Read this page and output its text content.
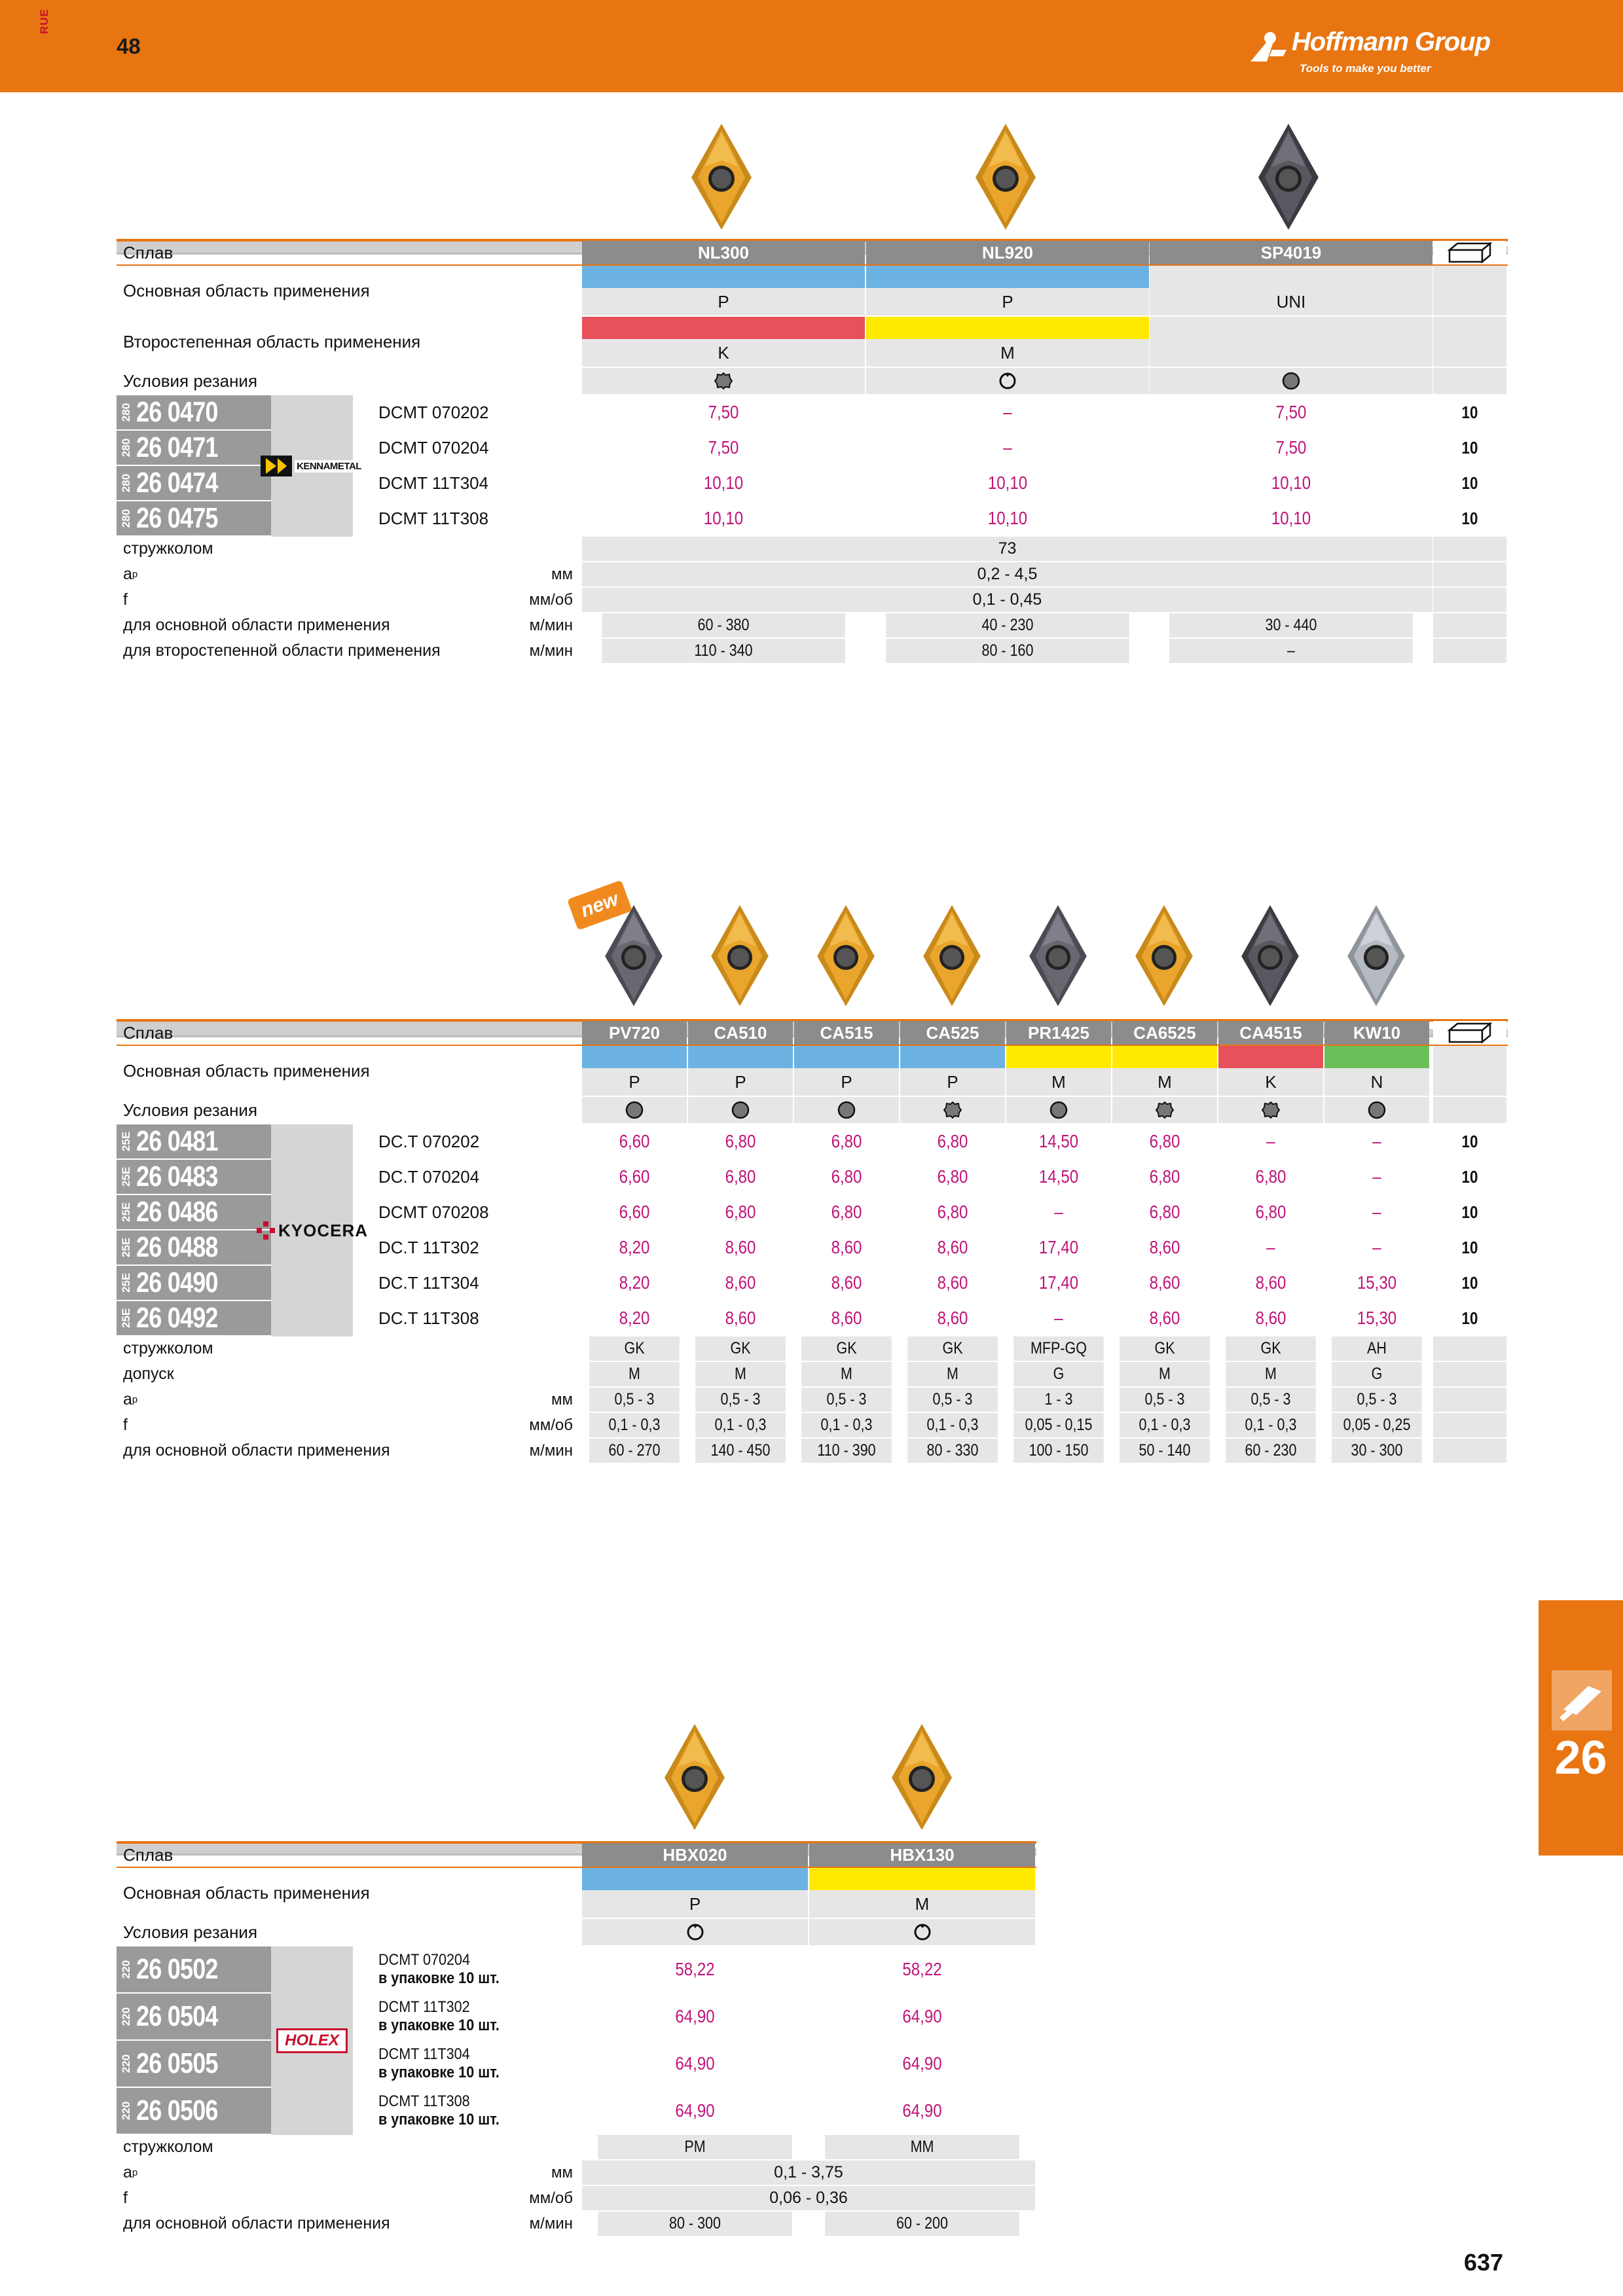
RUE
48	Hoffmann Group
Tools to make you better
26
Сплав	NL300	NL920	SP4019
Основная область применения
P	P	UNI
Второстепенная область применения
K	M
Условия резания
280 26 0470	DCMT 070202	7,50	–	7,50	10
280 26 0471	DCMT 070204	7,50	–	7,50	10
280 26 0474	DCMT 11T304	10,10	10,10	10,10	10
280 26 0475	DCMT 11T308	10,10	10,10	10,10	10
KENNAMETAL
стружколом	73
a p	мм	0,2 - 4,5
f	мм/об	0,1 - 0,45
для основной области применения	м/мин	60 - 380	40 - 230	30 - 440
для второстепенной области применения	м/мин	110 - 340	80 - 160	–
new
Сплав	PV720	CA510	CA515	CA525	PR1425	CA6525	CA4515	KW10
Основная область применения
P	P	P	P	M	M	K	N
Условия резания
25E 26 0481	DC.T 070202	6,60	6,80	6,80	6,80	14,50	6,80	–	–	10
25E 26 0483	DC.T 070204	6,60	6,80	6,80	6,80	14,50	6,80	6,80	–	10
25E 26 0486	DCMT 070208	6,60	6,80	6,80	6,80	–	6,80	6,80	–	10
25E 26 0488	DC.T 11T302	8,20	8,60	8,60	8,60	17,40	8,60	–	–	10
25E 26 0490	DC.T 11T304	8,20	8,60	8,60	8,60	17,40	8,60	8,60	15,30	10
25E 26 0492	DC.T 11T308	8,20	8,60	8,60	8,60	–	8,60	8,60	15,30	10
KYOCERA
стружколом	GK	GK	GK	GK	MFP-GQ	GK	GK	AH
допуск	M	M	M	M	G	M	M	G
a p	мм	0,5 - 3	0,5 - 3	0,5 - 3	0,5 - 3	1 - 3	0,5 - 3	0,5 - 3	0,5 - 3
f	мм/об	0,1 - 0,3	0,1 - 0,3	0,1 - 0,3	0,1 - 0,3	0,05 - 0,15	0,1 - 0,3	0,1 - 0,3	0,05 - 0,25
для основной области применения	м/мин	60 - 270	140 - 450	110 - 390	80 - 330	100 - 150	50 - 140	60 - 230	30 - 300
Сплав	HBX020	HBX130
Основная область применения
P	M
Условия резания
220 26 0502	DCMT 070204
в упаковке 10 шт.	58,22	58,22
220 26 0504	DCMT 11T302
в упаковке 10 шт.	64,90	64,90
220 26 0505	DCMT 11T304
в упаковке 10 шт.	64,90	64,90
220 26 0506	DCMT 11T308
в упаковке 10 шт.	64,90	64,90
HOLEX
стружколом	PM	MM
a p	мм	0,1 - 3,75
f	мм/об	0,06 - 0,36
для основной области применения	м/мин	80 - 300	60 - 200
637
